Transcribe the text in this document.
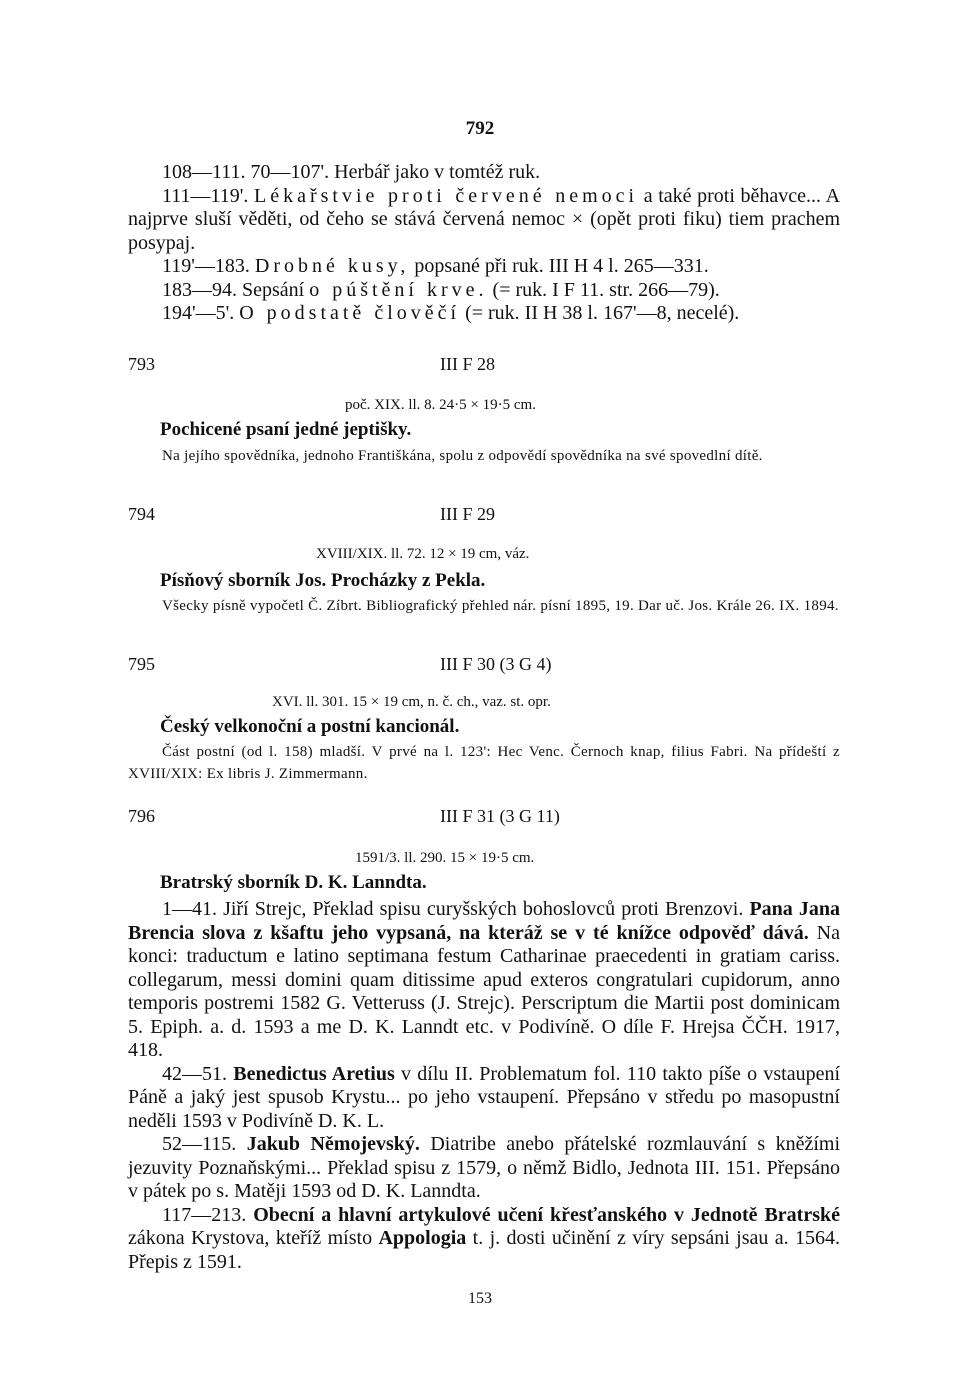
792

108—111. 70—107'. Herbář jako v tomtéž ruk.

111—119'. Lékařstvie proti červené nemoci a také proti běhavce... A najprve sluší věděti, od čeho se stává červená nemoc × (opět proti fiku) tiem prachem posypaj.

119'—183. Drobné kusy, popsané při ruk. III H 4 l. 265—331.

183—94. Sepsání o púštění krve. (= ruk. I F 11. str. 266—79).

194'—5'. O podstatě člověčí (= ruk. II H 38 l. 167'—8, necelé).

793	III F 28
poč. XIX. ll. 8. 24·5 × 19·5 cm.
Pochicené psaní jedné jeptišky.

Na jejího spovědníka, jednoho Františkána, spolu z odpovědí spovědníka na své spovedlní dítě.

794	III F 29
XVIII/XIX. ll. 72. 12 × 19 cm, váz.
Písňový sborník Jos. Procházky z Pekla.

Všecky písně vypočetl Č. Zíbrt. Bibliografický přehled nár. písní 1895, 19. Dar uč. Jos. Krále 26. IX. 1894.

795	III F 30 (3 G 4)
XVI. ll. 301. 15 × 19 cm, n. č. ch., vaz. st. opr.
Český velkonoční a postní kancionál.

Část postní (od l. 158) mladší. V prvé na l. 123': Hec Venc. Černoch knap, filius Fabri. Na přídeští z XVIII/XIX: Ex libris J. Zimmermann.

796	III F 31 (3 G 11)
1591/3. ll. 290. 15 × 19·5 cm.
Bratrský sborník D. K. Lanndta.

1—41. Jiří Strejc, Překlad spisu curyšských bohoslovců proti Brenzovi. Pana Jana Brencia slova z kšaftu jeho vypsaná, na kteráž se v té knížce odpověď dává. Na konci: traductum e latino septimana festum Catharinae praecedenti in gratiam cariss. collegarum, messi domini quam ditissime apud exteros congratulari cupidorum, anno temporis postremi 1582 G. Vetteruss (J. Strejc). Perscriptum die Martii post dominicam 5. Epiph. a. d. 1593 a me D. K. Lanndt etc. v Podivíně. O díle F. Hrejsa ČČH. 1917, 418.

42—51. Benedictus Aretius v dílu II. Problematum fol. 110 takto píše o vstaupení Páně a jaký jest spusob Krystu... po jeho vstaupení. Přepsáno v středu po masopustní neděli 1593 v Podivíně D. K. L.

52—115. Jakub Němojevský. Diatribe anebo přátelské rozmlauvání s kněžími jezuvity Poznaňskými... Překlad spisu z 1579, o němž Bidlo, Jednota III. 151. Přepsáno v pátek po s. Matěji 1593 od D. K. Lanndta.

117—213. Obecní a hlavní artykulové učení křesťanského v Jednotě Bratrské zákona Krystova, kteříž místo Appologia t. j. dosti učinění z víry sepsáni jsau a. 1564. Přepis z 1591.

153
